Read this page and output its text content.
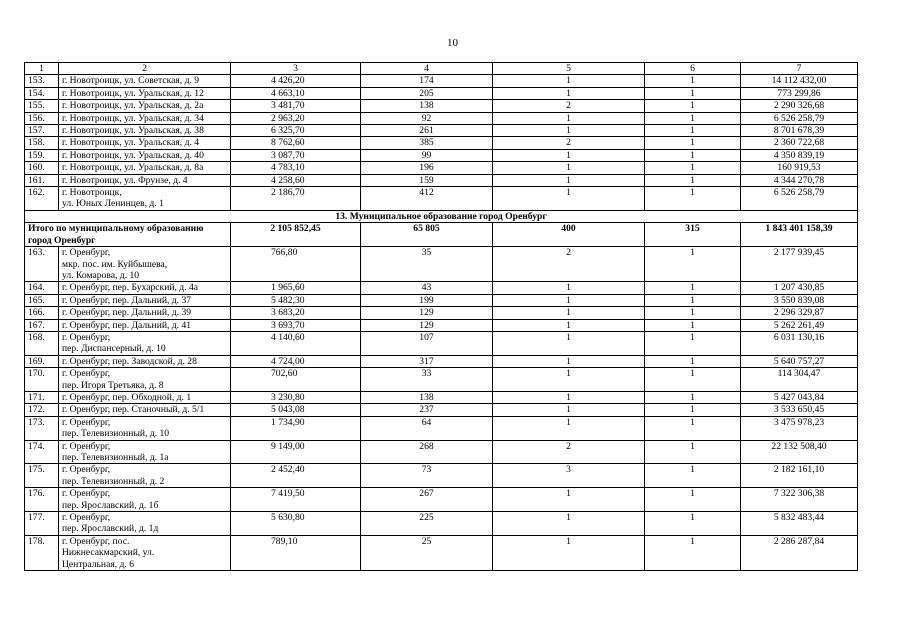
10
1	2	3	4	5	6	7
153.	г. Новотроицк, ул. Советская, д. 9	4 426,20	174	1	1	14 112 432,00
154.	г. Новотроицк, ул. Уральская, д. 12	4 663,10	205	1	1	773 299,86
155.	г. Новотроицк, ул. Уральская, д. 2а	3 481,70	138	2	1	2 290 326,68
156.	г. Новотроицк, ул. Уральская, д. 34	2 963,20	92	1	1	6 526 258,79
157.	г. Новотроицк, ул. Уральская, д. 38	6 325,70	261	1	1	8 701 678,39
158.	г. Новотроицк, ул. Уральская, д. 4	8 762,60	385	2	1	2 360 722,68
159.	г. Новотроицк, ул. Уральская, д. 40	3 087,70	99	1	1	4 350 839,19
160.	г. Новотроицк, ул. Уральская, д. 8а	4 783,10	196	1	1	160 919,53
161.	г. Новотроицк, ул. Фрунзе, д. 4	4 258,60	159	1	1	4 344 270,78
162.	г. Новотроицк,
ул. Юных Ленинцев, д. 1	2 186,70	412	1	1	6 526 258,79
13. Муниципальное образование город Оренбург						

Итого по муниципальному образованию
город Оренбург		2 105 852,45	65 805	400	315	1 843 401 158,39
163.	г. Оренбург,
мкр. пос. им. Куйбышева,
ул. Комарова, д. 10	766,80	35	2	1	2 177 939,45
164.	г. Оренбург, пер. Бухарский, д. 4а	1 965,60	43	1	1	1 207 430,85
165.	г. Оренбург, пер. Дальний, д. 37	5 482,30	199	1	1	3 550 839,08
166.	г. Оренбург, пер. Дальний, д. 39	3 683,20	129	1	1	2 296 329,87
167.	г. Оренбург, пер. Дальний, д. 41	3 693,70	129	1	1	5 262 261,49
168.	г. Оренбург,
пер. Диспансерный, д. 10	4 140,60	107	1	1	6 031 130,16
169.	г. Оренбург, пер. Заводской, д. 28	4 724,00	317	1	1	5 640 757,27
170.	г. Оренбург,
пер. Игоря Третьяка, д. 8	702,60	33	1	1	114 304,47
171.	г. Оренбург, пер. Обходной, д. 1	3 230,80	138	1	1	5 427 043,84
172.	г. Оренбург, пер. Станочный, д. 5/1	5 043,08	237	1	1	3 533 650,45
173.	г. Оренбург,
пер. Телевизионный, д. 10	1 734,90	64	1	1	3 475 978,23
174.	г. Оренбург,
пер. Телевизионный, д. 1а	9 149,00	268	2	1	22 132 508,40
175.	г. Оренбург,
пер. Телевизионный, д. 2	2 452,40	73	3	1	2 182 161,10
176.	г. Оренбург,
пер. Ярославский, д. 1б	7 419,50	267	1	1	7 322 306,38
177.	г. Оренбург,
пер. Ярославский, д. 1д	5 630,80	225	1	1	5 832 483,44
178.	г. Оренбург, пос.
Нижнесакмарский, ул.
Центральная, д. 6	789,10	25	1	1	2 286 287,84
